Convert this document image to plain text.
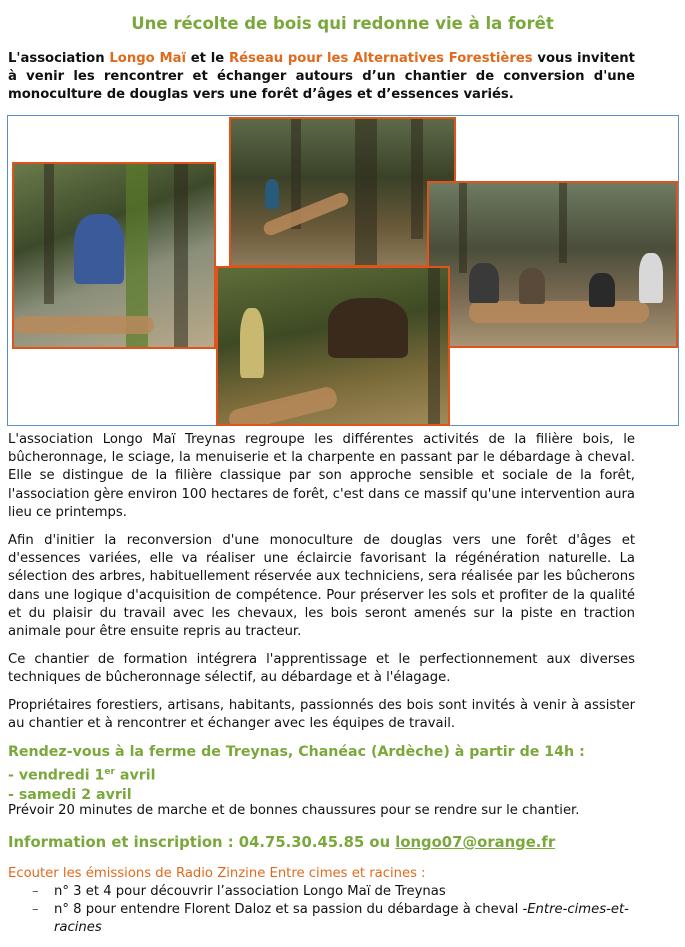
Une récolte de bois qui redonne vie à la forêt
L'association Longo Maï et le Réseau pour les Alternatives Forestières vous invitent à venir les rencontrer et échanger autours d’un chantier de conversion d'une monoculture de douglas vers une forêt d’âges et d’essences variés.
L'association Longo Maï Treynas regroupe les différentes activités de la filière bois, le bûcheronnage, le sciage, la menuiserie et la charpente en passant par le débardage à cheval. Elle se distingue de la filière classique par son approche sensible et sociale de la forêt, l'association gère environ 100 hectares de forêt, c'est dans ce massif qu'une intervention aura lieu ce printemps.
Afin d'initier la reconversion d'une monoculture de douglas vers une forêt d'âges et d'essences variées, elle va réaliser une éclaircie favorisant la régénération naturelle. La sélection des arbres, habituellement réservée aux techniciens, sera réalisée par les bûcherons dans une logique d'acquisition de compétence. Pour préserver les sols et profiter de la qualité et du plaisir du travail avec les chevaux, les bois seront amenés sur la piste en traction animale pour être ensuite repris au tracteur.
Ce chantier de formation intégrera l'apprentissage et le perfectionnement aux diverses techniques de bûcheronnage sélectif, au débardage et à l'élagage.
Propriétaires forestiers, artisans, habitants, passionnés des bois sont invités à venir à assister au chantier et à rencontrer et échanger avec les équipes de travail.
Rendez-vous à la ferme de Treynas, Chanéac (Ardèche) à partir de 14h :
- vendredi 1er avril
- samedi 2 avril
Prévoir 20 minutes de marche et de bonnes chaussures pour se rendre sur le chantier.
Information et inscription : 04.75.30.45.85 ou longo07@orange.fr
Ecouter les émissions de Radio Zinzine Entre cimes et racines :
– n° 3 et 4 pour découvrir l’association Longo Maï de Treynas
– n° 8 pour entendre Florent Daloz et sa passion du débardage à cheval -Entre-cimes-et-racines
